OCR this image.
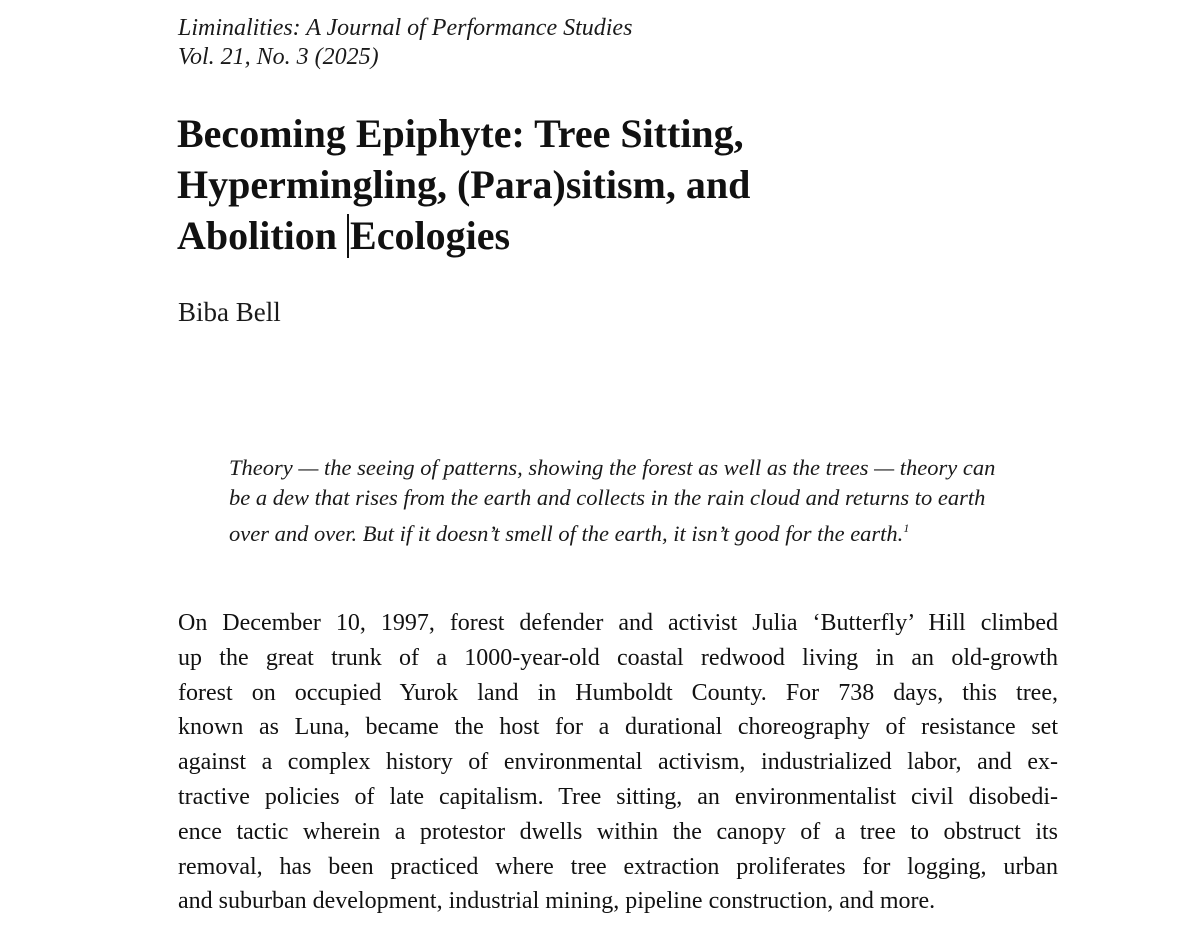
Liminalities: A Journal of Performance Studies
Vol. 21, No. 3 (2025)
Becoming Epiphyte: Tree Sitting,
Hypermingling, (Para)sitism, and
Abolition Ecologies
Biba Bell
Theory — the seeing of patterns, showing the forest as well as the trees — theory can
be a dew that rises from the earth and collects in the rain cloud and returns to earth
over and over. But if it doesn’t smell of the earth, it isn’t good for the earth.$^1$
On December 10, 1997, forest defender and activist Julia ‘Butterfly’ Hill climbed
up the great trunk of a 1000-year-old coastal redwood living in an old-growth
forest on occupied Yurok land in Humboldt County. For 738 days, this tree,
known as Luna, became the host for a durational choreography of resistance set
against a complex history of environmental activism, industrialized labor, and ex-
tractive policies of late capitalism. Tree sitting, an environmentalist civil disobedi-
ence tactic wherein a protestor dwells within the canopy of a tree to obstruct its
removal, has been practiced where tree extraction proliferates for logging, urban
and suburban development, industrial mining, pipeline construction, and more.
